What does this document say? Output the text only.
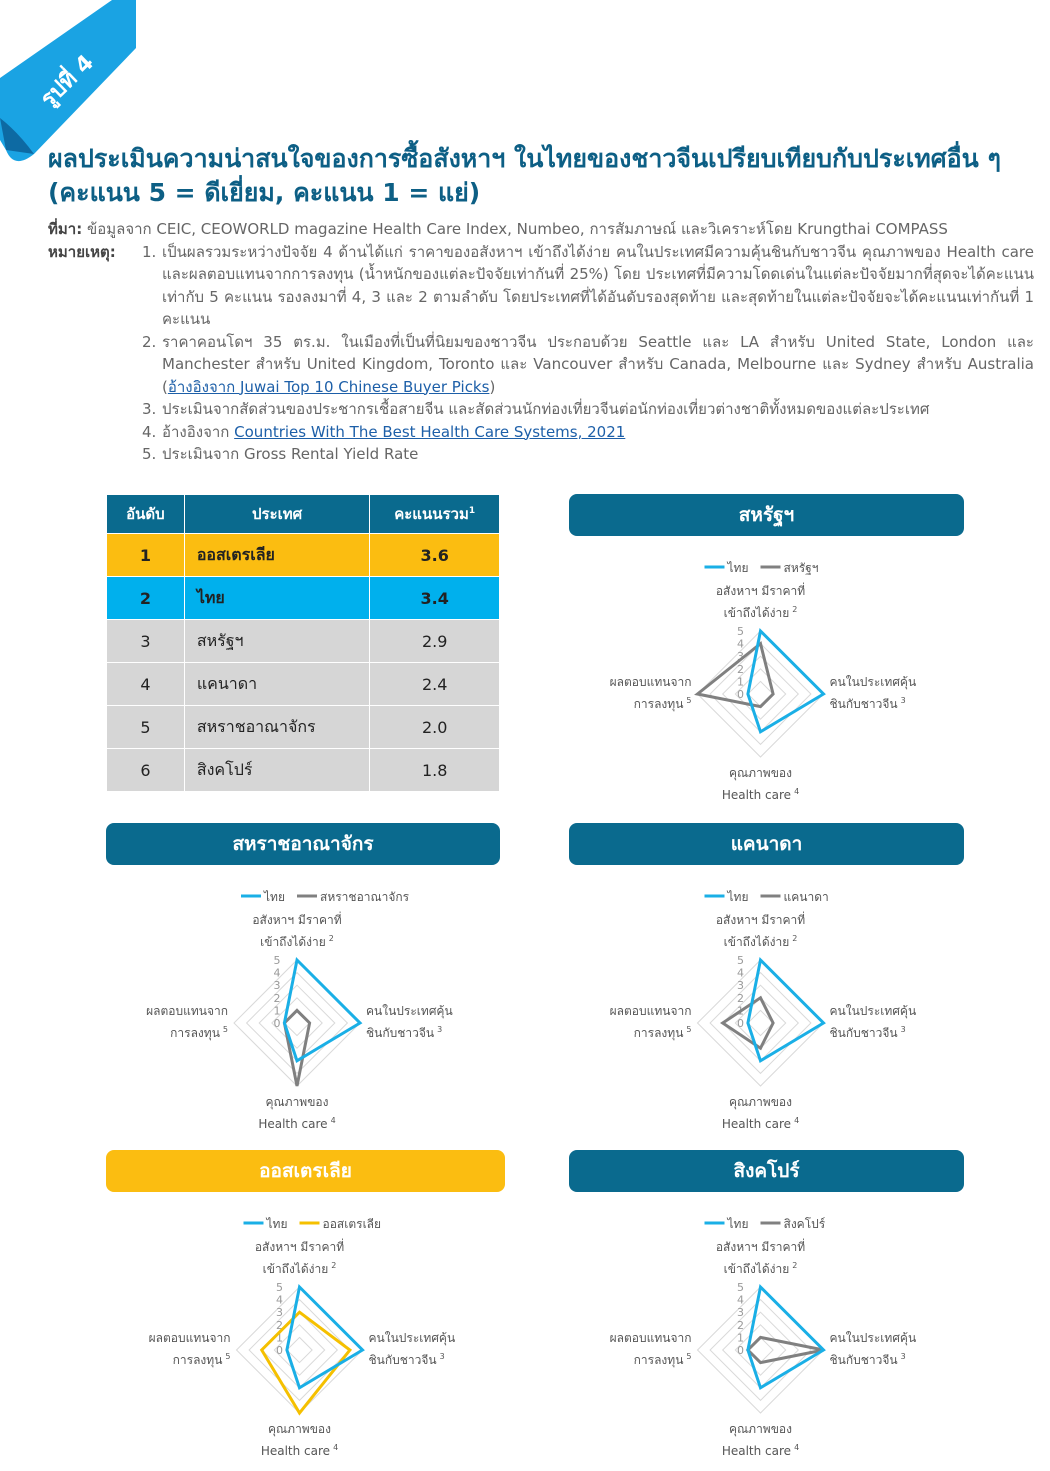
รูปที่ 4
ผลประเมินความน่าสนใจของการซื้อสังหาฯ ในไทยของชาวจีนเปรียบเทียบกับประเทศอื่น ๆ (คะแนน 5 = ดีเยี่ยม, คะแนน 1 = แย่)
ที่มา: ข้อมูลจาก CEIC, CEOWORLD magazine Health Care Index, Numbeo, การสัมภาษณ์ และวิเคราะห์โดย Krungthai COMPASS
หมายเหตุ: 1. เป็นผลรวมระหว่างปัจจัย 4 ด้านได้แก่ ราคาของอสังหาฯ เข้าถึงได้ง่าย คนในประเทศมีความคุ้นชินกับชาวจีน คุณภาพของ Health care และผลตอบแทนจากการลงทุน (น้ำหนักของแต่ละปัจจัยเท่ากันที่ 25%) โดย ประเทศที่มีความโดดเด่นในแต่ละปัจจัยมากที่สุดจะได้คะแนนเท่ากับ 5 คะแนน รองลงมาที่ 4, 3 และ 2 ตามลำดับ โดยประเทศที่ได้อันดับรองสุดท้าย และสุดท้ายในแต่ละปัจจัยจะได้คะแนนเท่ากันที่ 1 คะแนน
2. ราคาคอนโดฯ 35 ตร.ม. ในเมืองที่เป็นที่นิยมของชาวจีน ประกอบด้วย Seattle และ LA สำหรับ United State, London และ Manchester สำหรับ United Kingdom, Toronto และ Vancouver สำหรับ Canada, Melbourne และ Sydney สำหรับ Australia (อ้างอิงจาก Juwai Top 10 Chinese Buyer Picks)
3. ประเมินจากสัดส่วนของประชากรเชื้อสายจีน และสัดส่วนนักท่องเที่ยวจีนต่อนักท่องเที่ยวต่างชาติทั้งหมดของแต่ละประเทศ
4. อ้างอิงจาก Countries With The Best Health Care Systems, 2021
5. ประเมินจาก Gross Rental Yield Rate
อันดับ	ประเทศ	คะแนนรวม$^1$
1	ออสเตรเลีย	3.6
2	ไทย	3.4
3	สหรัฐฯ	2.9
4	แคนาดา	2.4
5	สหราชอาณาจักร	2.0
6	สิงคโปร์	1.8
สหรัฐฯ
ไทย	สหรัฐฯ
0
1
2
3
4
5
อสังหาฯ มีราคาที่
เข้าถึงได้ง่าย $^2$
คนในประเทศคุ้น
ชินกับชาวจีน $^3$
คุณภาพของ
Health care $^4$
ผลตอบแทนจาก
การลงทุน $^5$
สหราชอาณาจักร
ไทย	สหราชอาณาจักร
0
1
2
3
4
5
อสังหาฯ มีราคาที่
เข้าถึงได้ง่าย $^2$
คนในประเทศคุ้น
ชินกับชาวจีน $^3$
คุณภาพของ
Health care $^4$
ผลตอบแทนจาก
การลงทุน $^5$
แคนาดา
ไทย	แคนาดา
0
1
2
3
4
5
อสังหาฯ มีราคาที่
เข้าถึงได้ง่าย $^2$
คนในประเทศคุ้น
ชินกับชาวจีน $^3$
คุณภาพของ
Health care $^4$
ผลตอบแทนจาก
การลงทุน $^5$
ออสเตรเลีย
ไทย	ออสเตรเลีย
0
1
2
3
4
5
อสังหาฯ มีราคาที่
เข้าถึงได้ง่าย $^2$
คนในประเทศคุ้น
ชินกับชาวจีน $^3$
คุณภาพของ
Health care $^4$
ผลตอบแทนจาก
การลงทุน $^5$
สิงคโปร์
ไทย	สิงคโปร์
0
1
2
3
4
5
อสังหาฯ มีราคาที่
เข้าถึงได้ง่าย $^2$
คนในประเทศคุ้น
ชินกับชาวจีน $^3$
คุณภาพของ
Health care $^4$
ผลตอบแทนจาก
การลงทุน $^5$
